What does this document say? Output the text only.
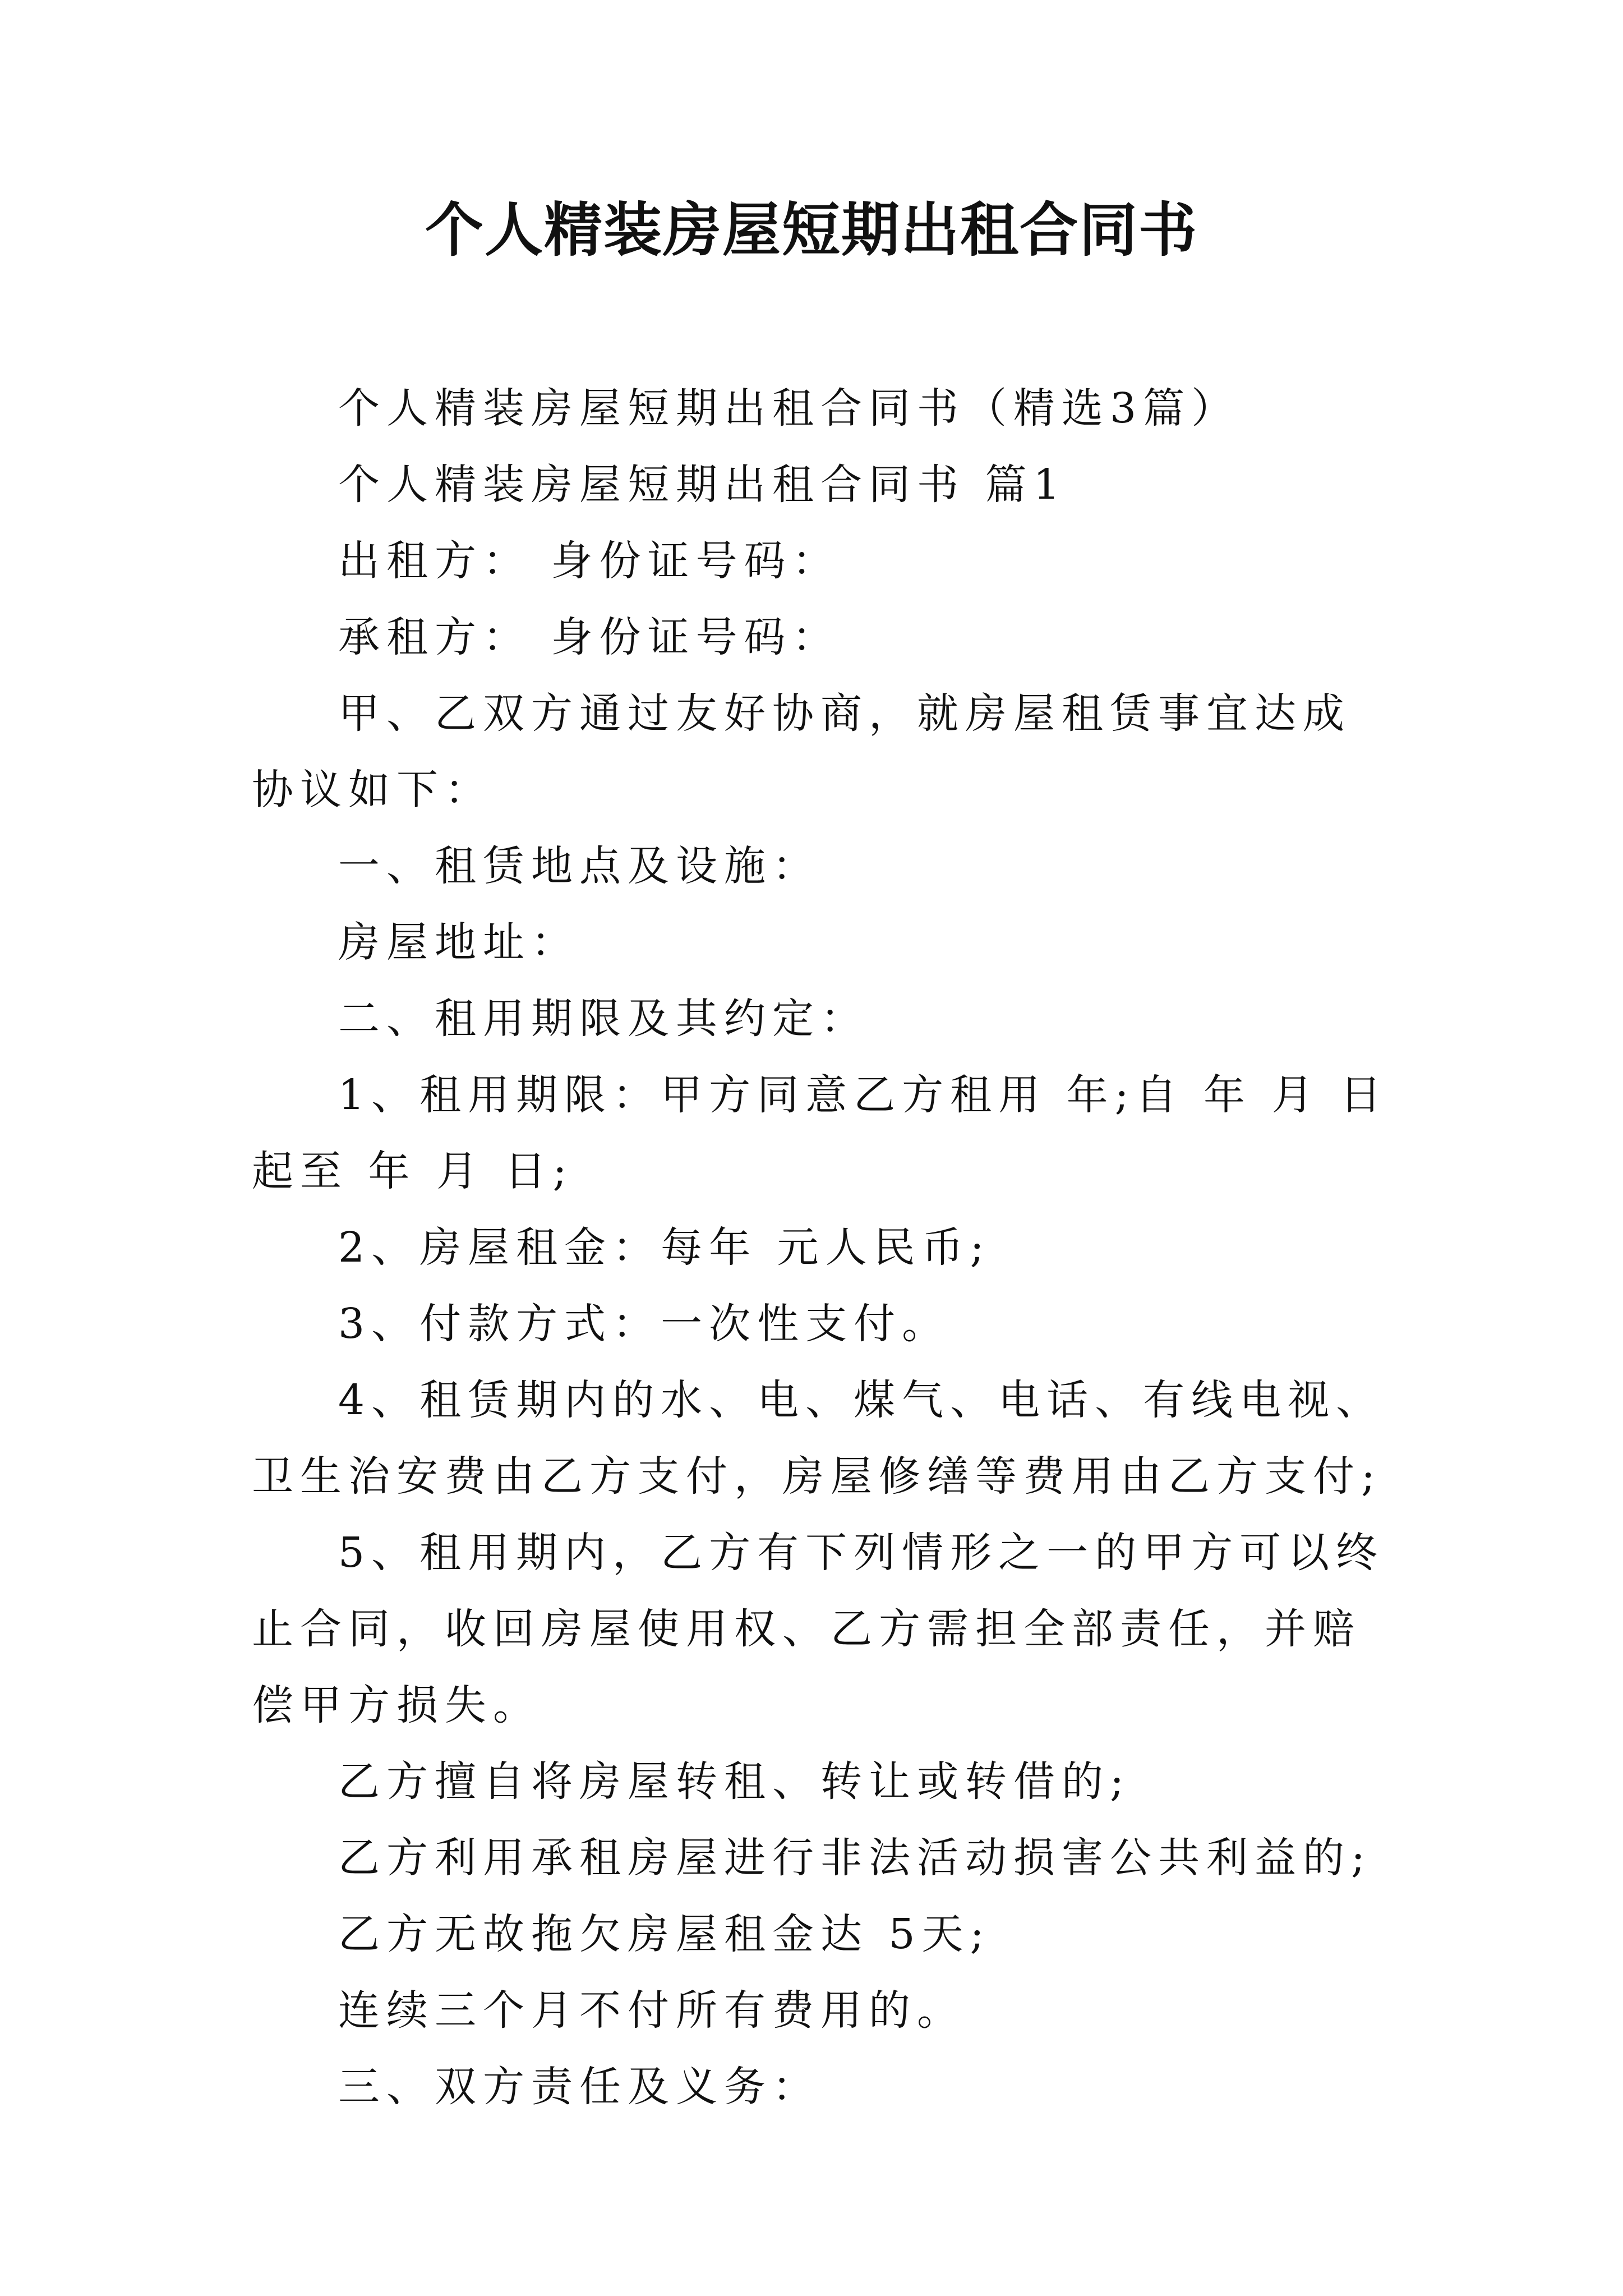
个人精装房屋短期出租合同书

个人精装房屋短期出租合同书（精选3篇）

个人精装房屋短期出租合同书 篇1

出租方： 身份证号码：

承租方： 身份证号码：

甲、乙双方通过友好协商，就房屋租赁事宜达成协议如下：

一、租赁地点及设施：

房屋地址：

二、租用期限及其约定：

1、租用期限：甲方同意乙方租用 年;自 年 月 日起至 年 月 日;

2、房屋租金：每年 元人民币;

3、付款方式：一次性支付。

4、租赁期内的水、电、煤气、电话、有线电视、卫生治安费由乙方支付，房屋修缮等费用由乙方支付;

5、租用期内，乙方有下列情形之一的甲方可以终止合同，收回房屋使用权、乙方需担全部责任，并赔偿甲方损失。

乙方擅自将房屋转租、转让或转借的;

乙方利用承租房屋进行非法活动损害公共利益的;

乙方无故拖欠房屋租金达 5天;

连续三个月不付所有费用的。

三、双方责任及义务：
